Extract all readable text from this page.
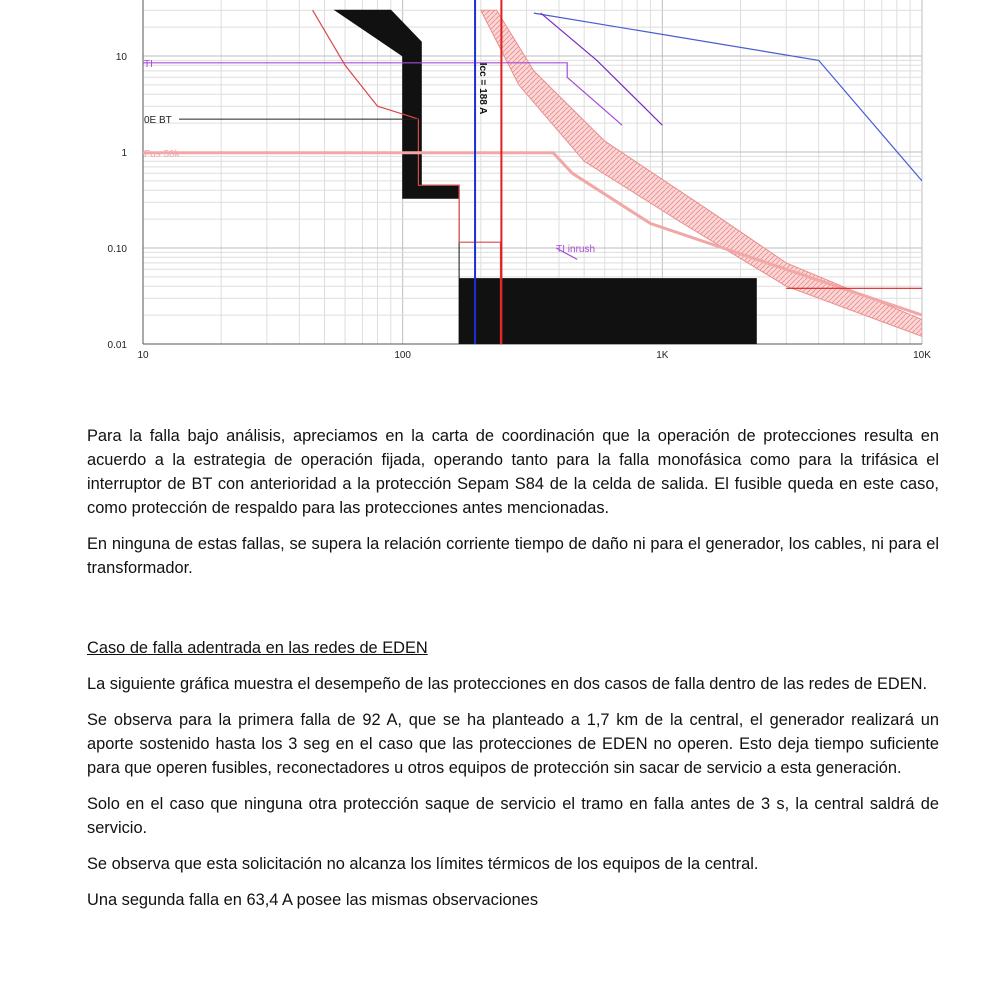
10	100	1K	10K
0.01
0.10
1
10
TI
0E BT
Fus 50k
TI inrush
Icc = 188 A

Para la falla bajo análisis, apreciamos en la carta de coordinación que la operación de protecciones resulta en acuerdo a la estrategia de operación fijada, operando tanto para la falla monofásica como para la trifásica el interruptor de BT con anterioridad a la protección Sepam S84 de la celda de salida. El fusible queda en este caso, como protección de respaldo para las protecciones antes mencionadas.

En ninguna de estas fallas, se supera la relación corriente tiempo de daño ni para el generador, los cables, ni para el transformador.

Caso de falla adentrada en las redes de EDEN

La siguiente gráfica muestra el desempeño de las protecciones en dos casos de falla dentro de las redes de EDEN.

Se observa para la primera falla de 92 A, que se ha planteado a 1,7 km de la central, el generador realizará un aporte sostenido hasta los 3 seg en el caso que las protecciones de EDEN no operen. Esto deja tiempo suficiente para que operen fusibles, reconectadores u otros equipos de protección sin sacar de servicio a esta generación.

Solo en el caso que ninguna otra protección saque de servicio el tramo en falla antes de 3 s, la central saldrá de servicio.

Se observa que esta solicitación no alcanza los límites térmicos de los equipos de la central.

Una segunda falla en 63,4 A posee las mismas observaciones
